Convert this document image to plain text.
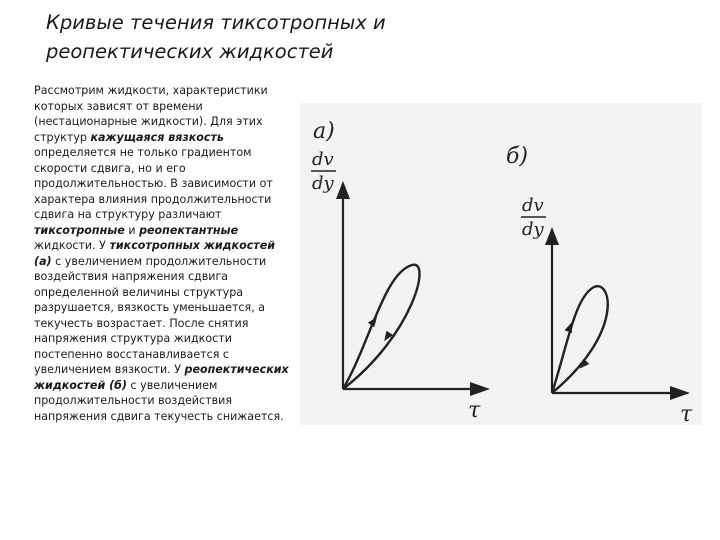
Кривые течения тиксотропных и
реопектических жидкостей

Рассмотрим жидкости, характеристики которых зависят от времени (нестационарные жидкости). Для этих структур кажущаяся вязкость определяется не только градиентом скорости сдвига, но и его продолжительностью. В зависимости от характера влияния продолжительности сдвига на структуру различают тиксотропные и реопектантные жидкости. У тиксотропных жидкостей (а) с увеличением продолжительности воздействия напряжения сдвига определенной величины структура разрушается, вязкость уменьшается, а текучесть возрастает. После снятия напряжения структура жидкости постепенно восстанавливается с увеличением вязкости. У реопектических жидкостей (б) с увеличением продолжительности воздействия напряжения сдвига текучесть снижается.

а)
dv
dy
τ
б)
dv
dy
τ
